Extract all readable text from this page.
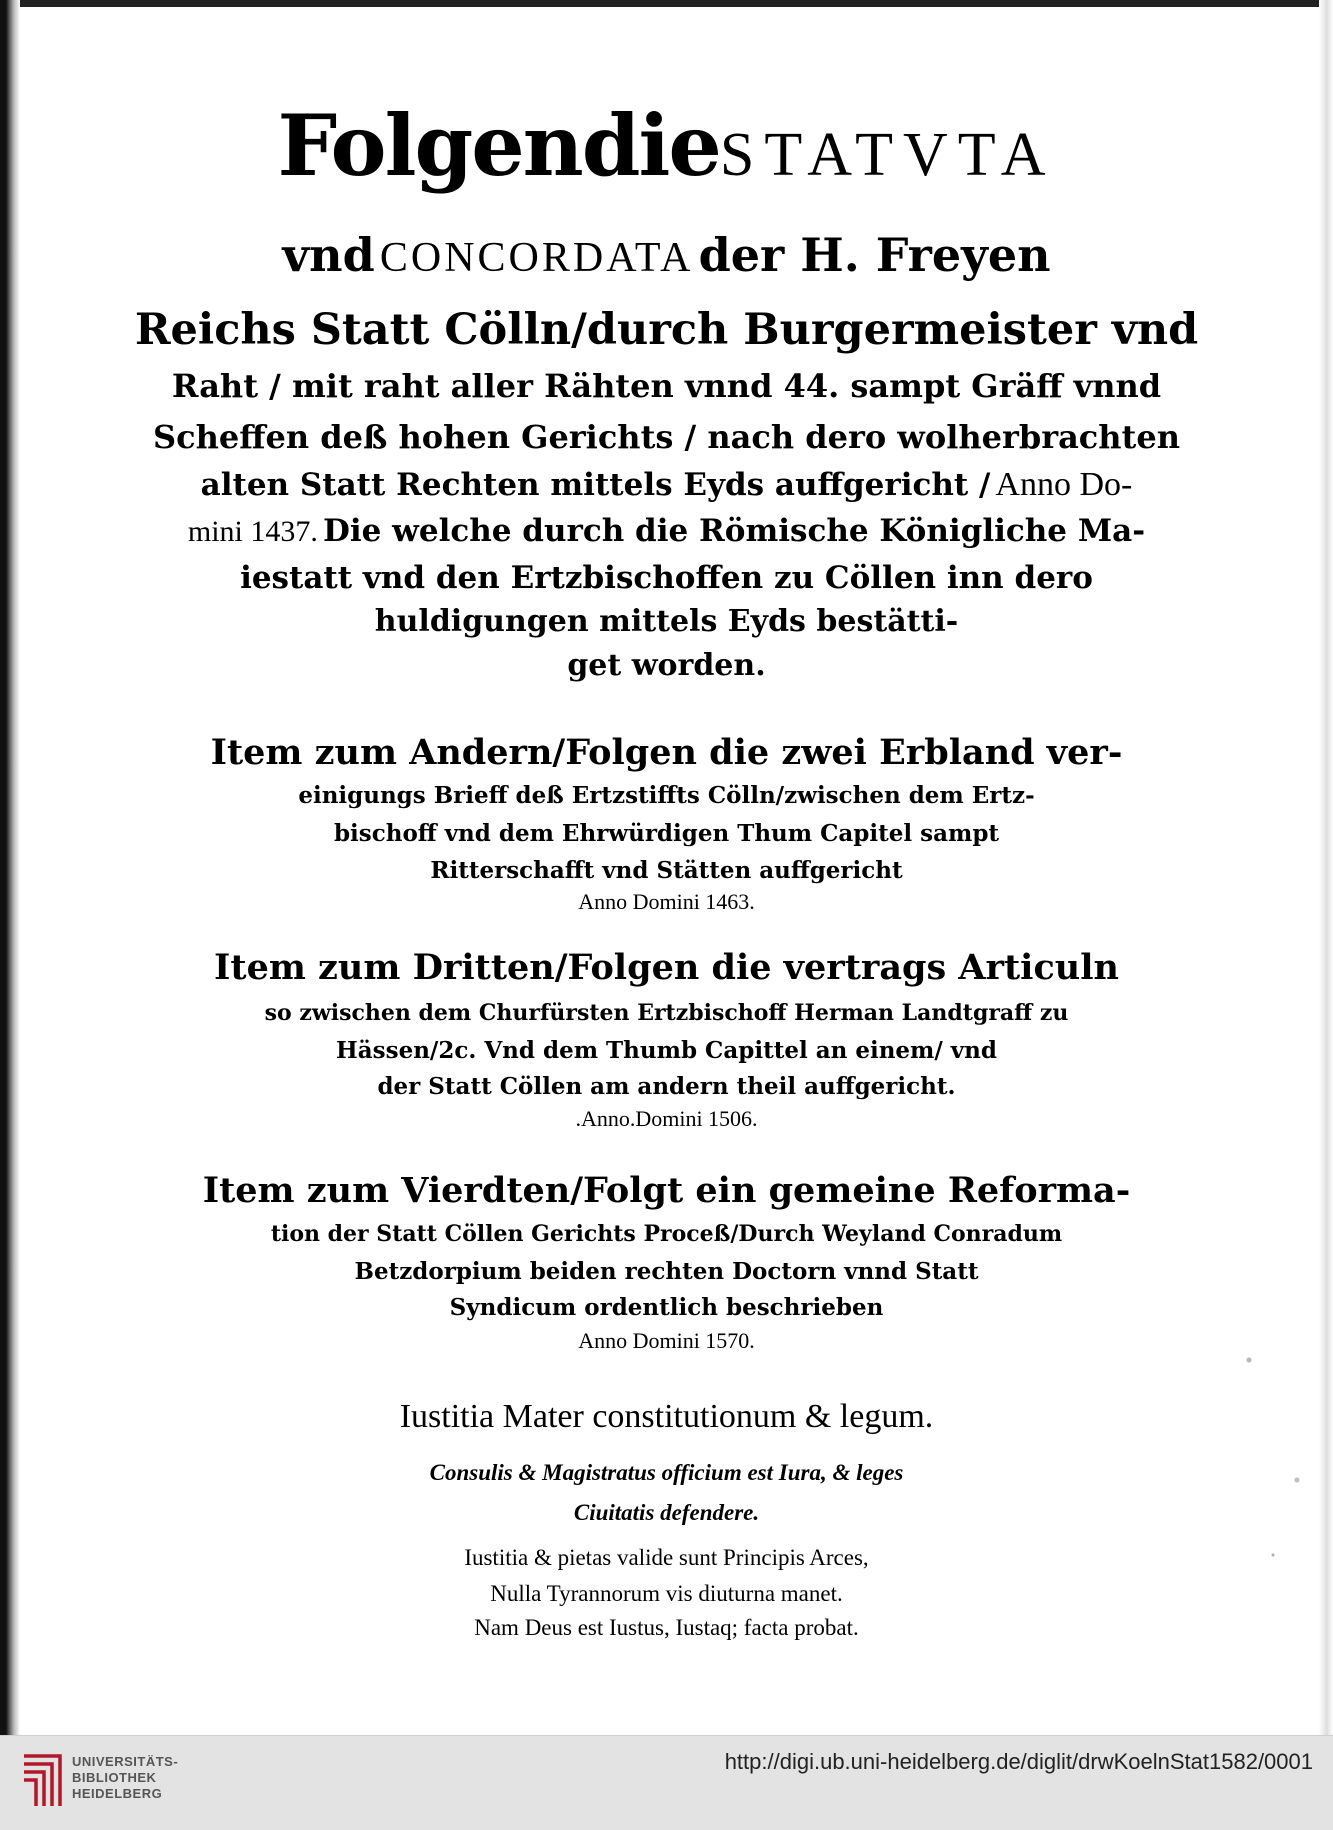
FolgendieSTATVTA
vnd CONCORDATA der H. Freyen
Reichs Statt Cölln/durch Burgermeister vnd
Raht / mit raht aller Rähten vnnd 44. sampt Gräff vnnd
Scheffen deß hohen Gerichts / nach dero wolherbrachten
alten Statt Rechten mittels Eyds auffgericht / Anno Do-
mini 1437. Die welche durch die Römische Königliche Ma-
iestatt vnd den Ertzbischoffen zu Cöllen inn dero
huldigungen mittels Eyds bestätti-
get worden.
Item zum Andern/Folgen die zwei Erbland ver-
einigungs Brieff deß Ertzstiffts Cölln/zwischen dem Ertz-
bischoff vnd dem Ehrwürdigen Thum Capitel sampt
Ritterschafft vnd Stätten auffgericht
Anno Domini 1463.
Item zum Dritten/Folgen die vertrags Articuln
so zwischen dem Churfürsten Ertzbischoff Herman Landtgraff zu
Hässen/2c. Vnd dem Thumb Capittel an einem/ vnd
der Statt Cöllen am andern theil auffgericht.
.Anno.Domini 1506.
Item zum Vierdten/Folgt ein gemeine Reforma-
tion der Statt Cöllen Gerichts Proceß/Durch Weyland Conradum
Betzdorpium beiden rechten Doctorn vnnd Statt
Syndicum ordentlich beschrieben
Anno Domini 1570.
Iustitia Mater constitutionum & legum.
Consulis & Magistratus officium est Iura, & leges
Ciuitatis defendere.
Iustitia & pietas valide sunt Principis Arces,
Nulla Tyrannorum vis diuturna manet.
Nam Deus est Iustus, Iustaq; facta probat.
UNIVERSITÄTS-
BIBLIOTHEK
HEIDELBERG
http://digi.ub.uni-heidelberg.de/diglit/drwKoelnStat1582/0001
